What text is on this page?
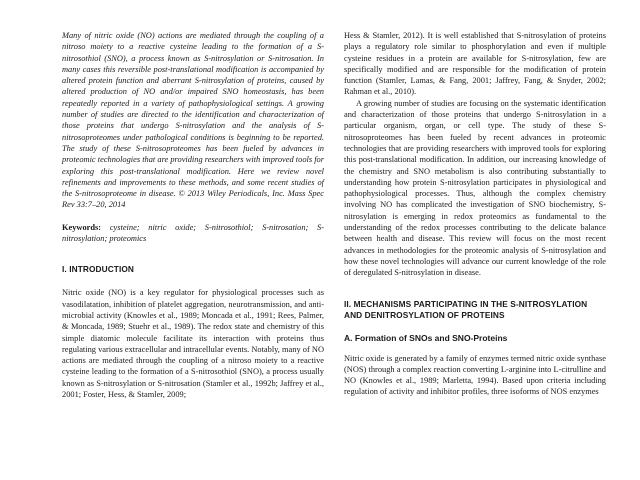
Many of nitric oxide (NO) actions are mediated through the coupling of a nitroso moiety to a reactive cysteine leading to the formation of a S-nitrosothiol (SNO), a process known as S-nitrosylation or S-nitrosation. In many cases this reversible post-translational modification is accompanied by altered protein function and aberrant S-nitrosylation of proteins, caused by altered production of NO and/or impaired SNO homeostasis, has been repeatedly reported in a variety of pathophysiological settings. A growing number of studies are directed to the identification and characterization of those proteins that undergo S-nitrosylation and the analysis of S-nitrosoproteomes under pathological conditions is beginning to be reported. The study of these S-nitrosoproteomes has been fueled by advances in proteomic technologies that are providing researchers with improved tools for exploring this post-translational modification. Here we review novel refinements and improvements to these methods, and some recent studies of the S-nitrosoproteome in disease. © 2013 Wiley Periodicals, Inc. Mass Spec Rev 33:7–20, 2014

Keywords: cysteine; nitric oxide; S-nitrosothiol; S-nitrosation; S-nitrosylation; proteomics

I. INTRODUCTION

Nitric oxide (NO) is a key regulator for physiological processes such as vasodilatation, inhibition of platelet aggregation, neurotransmission, and anti-microbial activity (Knowles et al., 1989; Moncada et al., 1991; Rees, Palmer, & Moncada, 1989; Stuehr et al., 1989). The redox state and chemistry of this simple diatomic molecule facilitate its interaction with proteins thus regulating various extracellular and intracellular events. Notably, many of NO actions are mediated through the coupling of a nitroso moiety to a reactive cysteine leading to the formation of a S-nitrosothiol (SNO), a process usually known as S-nitrosylation or S-nitrosation (Stamler et al., 1992b; Jaffrey et al., 2001; Foster, Hess, & Stamler, 2009;

Hess & Stamler, 2012). It is well established that S-nitrosylation of proteins plays a regulatory role similar to phosphorylation and even if multiple cysteine residues in a protein are available for S-nitrosylation, few are specifically modified and are responsible for the modification of protein function (Stamler, Lamas, & Fang, 2001; Jaffrey, Fang, & Snyder, 2002; Rahman et al., 2010).

A growing number of studies are focusing on the systematic identification and characterization of those proteins that undergo S-nitrosylation in a particular organism, organ, or cell type. The study of these S-nitrosoproteomes has been fueled by recent advances in proteomic technologies that are providing researchers with improved tools for exploring this post-translational modification. In addition, our increasing knowledge of the chemistry and SNO metabolism is also contributing substantially to understanding how protein S-nitrosylation participates in physiological and pathophysiological processes. Thus, although the complex chemistry involving NO has complicated the investigation of SNO biochemistry, S-nitrosylation is emerging in redox proteomics as fundamental to the understanding of the redox processes contributing to the delicate balance between health and disease. This review will focus on the most recent advances in methodologies for the proteomic analysis of S-nitrosylation and how these novel technologies will advance our current knowledge of the role of deregulated S-nitrosylation in disease.

II. MECHANISMS PARTICIPATING IN THE S-NITROSYLATION AND DENITROSYLATION OF PROTEINS
A. Formation of SNOs and SNO-Proteins

Nitric oxide is generated by a family of enzymes termed nitric oxide synthase (NOS) through a complex reaction converting L-arginine into L-citrulline and NO (Knowles et al., 1989; Marletta, 1994). Based upon criteria including regulation of activity and inhibitor profiles, three isoforms of NOS enzymes
